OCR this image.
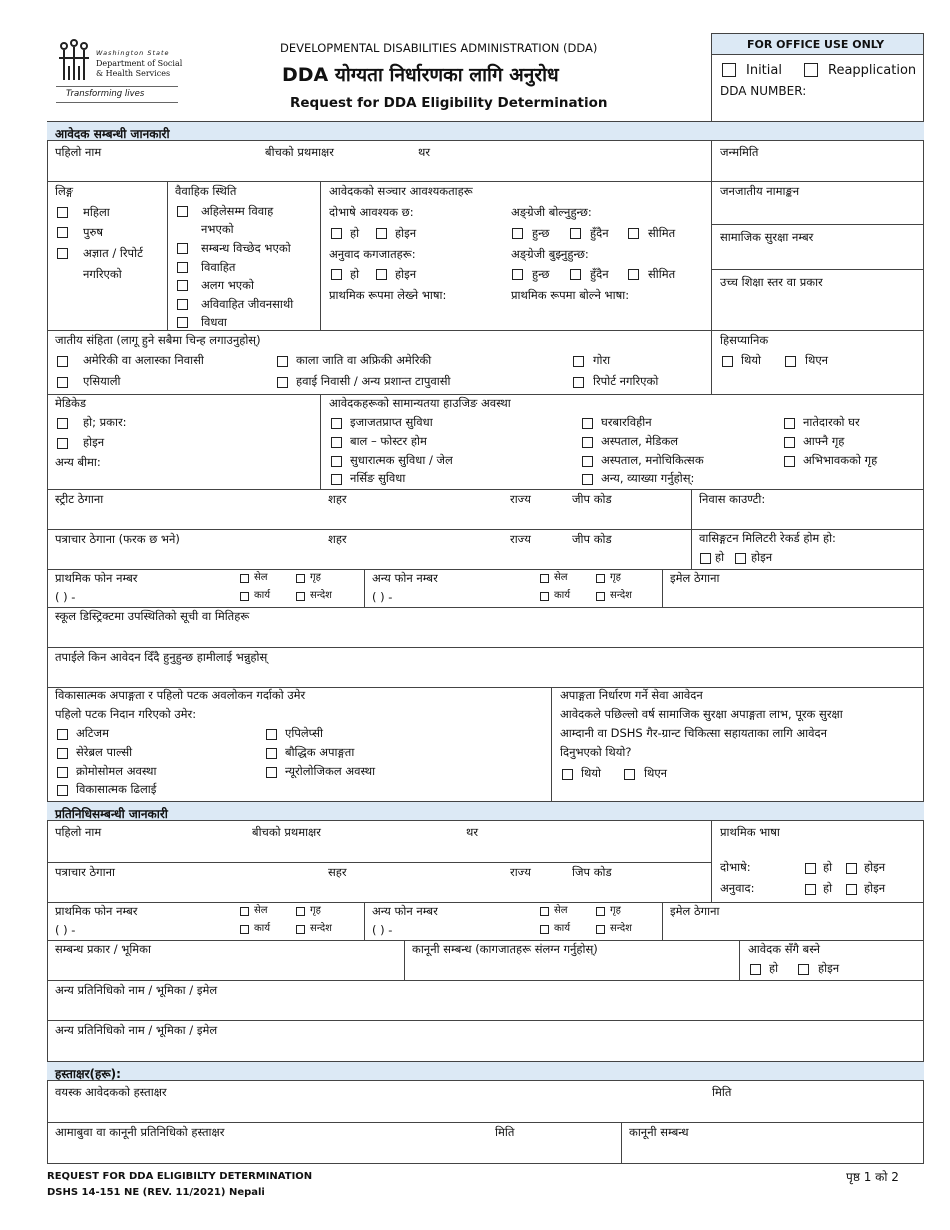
Washington State
Department of Social
& Health Services
Transforming lives
DEVELOPMENTAL DISABILITIES ADMINISTRATION (DDA)
DDA योग्यता निर्धारणका लागि अनुरोध
Request for DDA Eligibility Determination
FOR OFFICE USE ONLY
Initial	Reapplication
DDA NUMBER:
आवेदक सम्बन्धी जानकारी
पहिलो नाम	बीचको प्रथमाक्षर	थर	जन्ममिति
लिङ्ग
महिला
पुरुष
अज्ञात / रिपोर्ट
नगरिएको
वैवाहिक स्थिति
अहिलेसम्म विवाह
नभएको
सम्बन्ध विच्छेद भएको
विवाहित
अलग भएको
अविवाहित जीवनसाथी
विधवा
आवेदकको सञ्चार आवश्यकताहरू
दोभाषे आवश्यक छ:	अङ्ग्रेजी बोल्नुहुन्छ:
हो	होइन	हुन्छ	हुँदैन	सीमित
अनुवाद कगजातहरू:	अङ्ग्रेजी बुझ्नुहुन्छ:
हो	होइन	हुन्छ	हुँदैन	सीमित
प्राथमिक रूपमा लेख्ने भाषा:	प्राथमिक रूपमा बोल्ने भाषा:
जनजातीय नामाङ्कन
सामाजिक सुरक्षा नम्बर
उच्च शिक्षा स्तर वा प्रकार
जातीय संहिता (लागू हुने सबैमा चिन्ह लगाउनुहोस्)
अमेरिकी वा अलास्का निवासी	काला जाति वा अफ्रिकी अमेरिकी	गोरा
एसियाली	हवाई निवासी / अन्य प्रशान्त टापुवासी	रिपोर्ट नगरिएको
हिसप्यानिक
थियो	थिएन
मेडिकेड
हो; प्रकार:
होइन
अन्य बीमा:
आवेदकहरूको सामान्यतया हाउजिङ अवस्था
इजाजतप्राप्त सुविधा	घरबारविहीन	नातेदारको घर
बाल – फोस्टर होम	अस्पताल, मेडिकल	आफ्नै गृह
सुधारात्मक सुविधा / जेल	अस्पताल, मनोचिकित्सक	अभिभावकको गृह
नर्सिङ सुविधा	अन्य, व्याख्या गर्नुहोस्:
स्ट्रीट ठेगाना	शहर	राज्य	जीप कोड	निवास काउण्टी:
पत्राचार ठेगाना (फरक छ भने)	शहर	राज्य	जीप कोड	वासिङ्गटन मिलिटरी रेकर्ड होम हो:
हो होइन
प्राथमिक फोन नम्बर
( ) -
सेल	गृह
कार्य	सन्देश
अन्य फोन नम्बर
( ) -
सेल	गृह
कार्य	सन्देश
इमेल ठेगाना
स्कूल डिस्ट्रिक्टमा उपस्थितिको सूची वा मितिहरू
तपाईले किन आवेदन दिँदै हुनुहुन्छ हामीलाई भन्नुहोस्
विकासात्मक अपाङ्गता र पहिलो पटक अवलोकन गर्दाको उमेर
पहिलो पटक निदान गरिएको उमेर:
अटिजम	एपिलेप्सी
सेरेब्रल पाल्सी	बौद्धिक अपाङ्गता
क्रोमोसोमल अवस्था	न्यूरोलोजिकल अवस्था
विकासात्मक ढिलाई
अपाङ्गता निर्धारण गर्ने सेवा आवेदन
आवेदकले पछिल्लो वर्ष सामाजिक सुरक्षा अपाङ्गता लाभ, पूरक सुरक्षा
आम्दानी वा DSHS गैर-ग्रान्ट चिकित्सा सहायताका लागि आवेदन
दिनुभएको थियो?
थियो	थिएन
प्रतिनिधिसम्बन्धी जानकारी
पहिलो नाम	बीचको प्रथमाक्षर	थर	प्राथमिक भाषा
पत्राचार ठेगाना	सहर	राज्य	जिप कोड	दोभाषे:	हो	होइन
अनुवाद:	हो	होइन
प्राथमिक फोन नम्बर
( ) -
सेल	गृह
कार्य	सन्देश
अन्य फोन नम्बर
( ) -
सेल	गृह
कार्य	सन्देश
इमेल ठेगाना
सम्बन्ध प्रकार / भूमिका	कानूनी सम्बन्ध (कागजातहरू संलग्न गर्नुहोस्)	आवेदक सँगै बस्ने
हो	होइन
अन्य प्रतिनिधिको नाम / भूमिका / इमेल
अन्य प्रतिनिधिको नाम / भूमिका / इमेल
हस्ताक्षर(हरू):
वयस्क आवेदकको हस्ताक्षर	मिति
आमाबुवा वा कानूनी प्रतिनिधिको हस्ताक्षर	मिति	कानूनी सम्बन्ध
REQUEST FOR DDA ELIGIBILTY DETERMINATION
DSHS 14-151 NE (REV. 11/2021) Nepali
पृष्ठ 1 को 2
